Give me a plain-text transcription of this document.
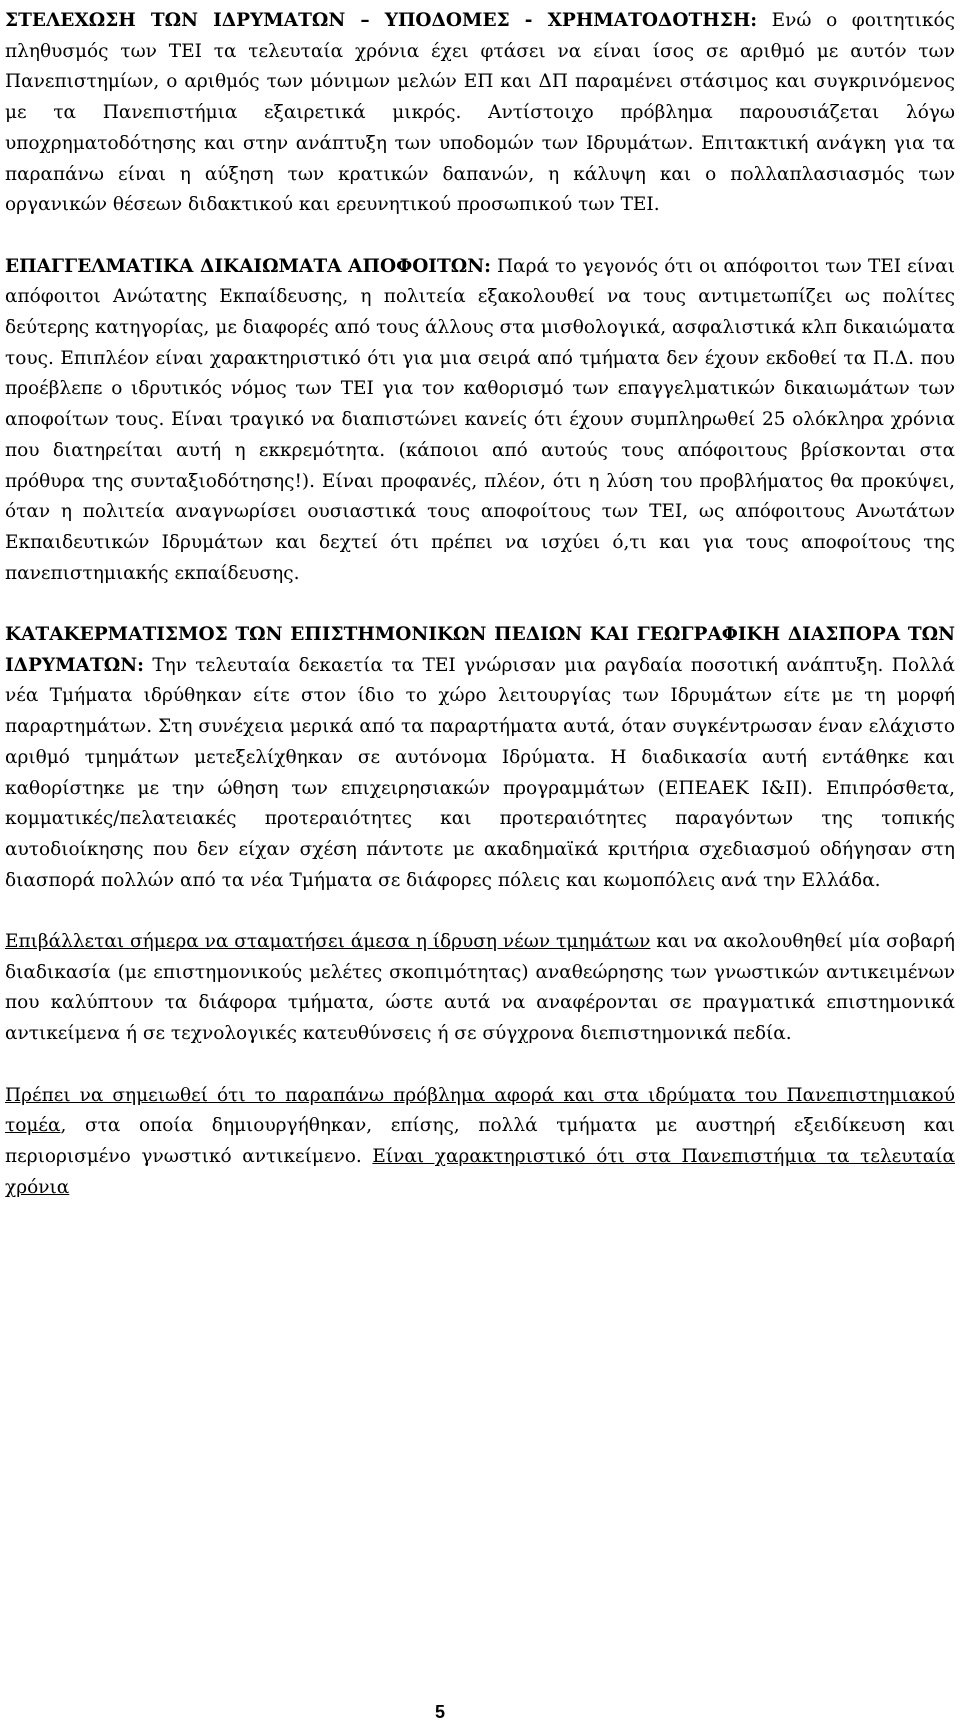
ΣΤΕΛΕΧΩΣΗ ΤΩΝ ΙΔΡΥΜΑΤΩΝ – ΥΠΟΔΟΜΕΣ - ΧΡΗΜΑΤΟΔΟΤΗΣΗ: Ενώ ο φοιτητικός πληθυσμός των ΤΕΙ τα τελευταία χρόνια έχει φτάσει να είναι ίσος σε αριθμό με αυτόν των Πανεπιστημίων, ο αριθμός των μόνιμων μελών ΕΠ και ΔΠ παραμένει στάσιμος και συγκρινόμενος με τα Πανεπιστήμια εξαιρετικά μικρός. Αντίστοιχο πρόβλημα παρουσιάζεται λόγω υποχρηματοδότησης και στην ανάπτυξη των υποδομών των Ιδρυμάτων. Επιτακτική ανάγκη για τα παραπάνω είναι η αύξηση των κρατικών δαπανών, η κάλυψη και ο πολλαπλασιασμός των οργανικών θέσεων διδακτικού και ερευνητικού προσωπικού των ΤΕΙ.

ΕΠΑΓΓΕΛΜΑΤΙΚΑ ΔΙΚΑΙΩΜΑΤΑ ΑΠΟΦΟΙΤΩΝ: Παρά το γεγονός ότι οι απόφοιτοι των ΤΕΙ είναι απόφοιτοι Ανώτατης Εκπαίδευσης, η πολιτεία εξακολουθεί να τους αντιμετωπίζει ως πολίτες δεύτερης κατηγορίας, με διαφορές από τους άλλους στα μισθολογικά, ασφαλιστικά κλπ δικαιώματα τους. Επιπλέον είναι χαρακτηριστικό ότι για μια σειρά από τμήματα δεν έχουν εκδοθεί τα Π.Δ. που προέβλεπε ο ιδρυτικός νόμος των ΤΕΙ για τον καθορισμό των επαγγελματικών δικαιωμάτων των αποφοίτων τους. Είναι τραγικό να διαπιστώνει κανείς ότι έχουν συμπληρωθεί 25 ολόκληρα χρόνια που διατηρείται αυτή η εκκρεμότητα. (κάποιοι από αυτούς τους απόφοιτους βρίσκονται στα πρόθυρα της συνταξιοδότησης!). Είναι προφανές, πλέον, ότι η λύση του προβλήματος θα προκύψει, όταν η πολιτεία αναγνωρίσει ουσιαστικά τους αποφοίτους των ΤΕΙ, ως απόφοιτους Ανωτάτων Εκπαιδευτικών Ιδρυμάτων και δεχτεί ότι πρέπει να ισχύει ό,τι και για τους αποφοίτους της πανεπιστημιακής εκπαίδευσης.

ΚΑΤΑΚΕΡΜΑΤΙΣΜΟΣ ΤΩΝ ΕΠΙΣΤΗΜΟΝΙΚΩΝ ΠΕΔΙΩΝ ΚΑΙ ΓΕΩΓΡΑΦΙΚΗ ΔΙΑΣΠΟΡΑ ΤΩΝ ΙΔΡΥΜΑΤΩΝ: Την τελευταία δεκαετία τα ΤΕΙ γνώρισαν μια ραγδαία ποσοτική ανάπτυξη. Πολλά νέα Τμήματα ιδρύθηκαν είτε στον ίδιο το χώρο λειτουργίας των Ιδρυμάτων είτε με τη μορφή παραρτημάτων. Στη συνέχεια μερικά από τα παραρτήματα αυτά, όταν συγκέντρωσαν έναν ελάχιστο αριθμό τμημάτων μετεξελίχθηκαν σε αυτόνομα Ιδρύματα. Η διαδικασία αυτή εντάθηκε και καθορίστηκε με την ώθηση των επιχειρησιακών προγραμμάτων (ΕΠΕΑΕΚ Ι&ΙΙ). Επιπρόσθετα, κομματικές/πελατειακές προτεραιότητες και προτεραιότητες παραγόντων της τοπικής αυτοδιοίκησης που δεν είχαν σχέση πάντοτε με ακαδημαϊκά κριτήρια σχεδιασμού οδήγησαν στη διασπορά πολλών από τα νέα Τμήματα σε διάφορες πόλεις και κωμοπόλεις ανά την Ελλάδα.

Επιβάλλεται σήμερα να σταματήσει άμεσα η ίδρυση νέων τμημάτων και να ακολουθηθεί μία σοβαρή διαδικασία (με επιστημονικούς μελέτες σκοπιμότητας) αναθεώρησης των γνωστικών αντικειμένων που καλύπτουν τα διάφορα τμήματα, ώστε αυτά να αναφέρονται σε πραγματικά επιστημονικά αντικείμενα ή σε τεχνολογικές κατευθύνσεις ή σε σύγχρονα διεπιστημονικά πεδία.

Πρέπει να σημειωθεί ότι το παραπάνω πρόβλημα αφορά και στα ιδρύματα του Πανεπιστημιακού τομέα, στα οποία δημιουργήθηκαν, επίσης, πολλά τμήματα με αυστηρή εξειδίκευση και περιορισμένο γνωστικό αντικείμενο. Είναι χαρακτηριστικό ότι στα Πανεπιστήμια τα τελευταία χρόνια

5
